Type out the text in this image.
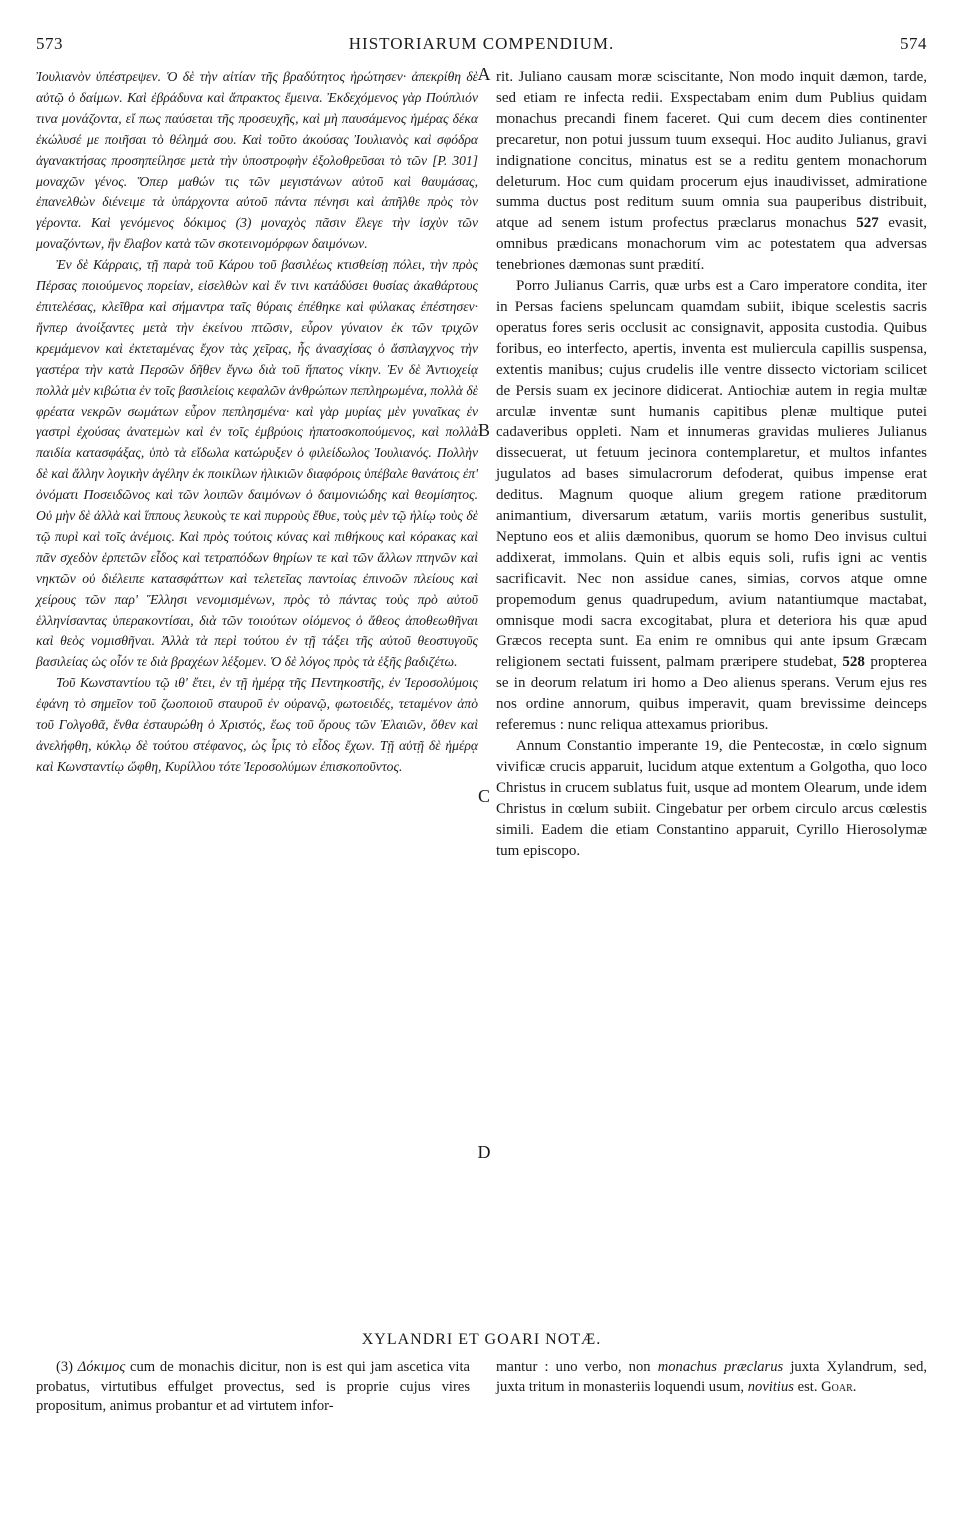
573	HISTORIARUM COMPENDIUM.	574

Ἰουλιανὸν ὑπέστρεψεν. Ὁ δὲ τὴν αἰτίαν τῆς βραδύτητος ἠρώτησεν· ἀπεκρίθη δὲ αὐτῷ ὁ δαίμων. Καὶ ἐβράδυνα καὶ ἄπρακτος ἔμεινα. Ἐκδεχόμενος γὰρ Πούπλιόν τινα μονάζοντα, εἴ πως παύσεται τῆς προσευχῆς, καὶ μὴ παυσάμενος ἡμέρας δέκα ἐκώλυσέ με ποιῆσαι τὸ θέλημά σου. Καὶ τοῦτο ἀκούσας Ἰουλιανὸς καὶ σφόδρα ἀγανακτήσας προσηπείλησε μετὰ τὴν ὑποστροφὴν ἐξολοθρεῦσαι τὸ τῶν [P. 301] μοναχῶν γένος. Ὅπερ μαθών τις τῶν μεγιστάνων αὐτοῦ καὶ θαυμάσας, ἐπανελθὼν διένειμε τὰ ὑπάρχοντα αὐτοῦ πάντα πένησι καὶ ἀπῆλθε πρὸς τὸν γέροντα. Καὶ γενόμενος δόκιμος (3) μοναχὸς πᾶσιν ἔλεγε τὴν ἰσχὺν τῶν μοναζόντων, ἣν ἔλαβον κατὰ τῶν σκοτεινομόρφων δαιμόνων.

Ἐν δὲ Κάρραις, τῇ παρὰ τοῦ Κάρου τοῦ βασιλέως κτισθείσῃ πόλει, τὴν πρὸς Πέρσας ποιούμενος πορείαν, εἰσελθὼν καὶ ἔν τινι κατάδύσει θυσίας ἀκαθάρτους ἐπιτελέσας, κλεῖθρα καὶ σήμαντρα ταῖς θύραις ἐπέθηκε καὶ φύλακας ἐπέστησεν· ἥνπερ ἀνοίξαντες μετὰ τὴν ἐκείνου πτῶσιν, εὗρον γύναιον ἐκ τῶν τριχῶν κρεμάμενον καὶ ἐκτεταμένας ἔχον τὰς χεῖρας, ἧς ἀνασχίσας ὁ ἄσπλαγχνος τὴν γαστέρα τὴν κατὰ Περσῶν δῆθεν ἔγνω διὰ τοῦ ἥπατος νίκην. Ἐν δὲ Ἀντιοχείᾳ πολλὰ μὲν κιβώτια ἐν τοῖς βασιλείοις κεφαλῶν ἀνθρώπων πεπληρωμένα, πολλὰ δὲ φρέατα νεκρῶν σωμάτων εὗρον πεπλησμένα· καὶ γὰρ μυρίας μὲν γυναῖκας ἐν γαστρὶ ἐχούσας ἀνατεμὼν καὶ ἐν τοῖς ἐμβρύοις ἡπατοσκοπούμενος, καὶ πολλὰ παιδία κατασφάξας, ὑπὸ τὰ εἴδωλα κατώρυξεν ὁ φιλείδωλος Ἰουλιανός. Πολλὴν δὲ καὶ ἄλλην λογικὴν ἀγέλην ἐκ ποικίλων ἡλικιῶν διαφόροις ὑπέβαλε θανάτοις ἐπ' ὀνόματι Ποσειδῶνος καὶ τῶν λοιπῶν δαιμόνων ὁ δαιμονιώδης καὶ θεομίσητος. Οὐ μὴν δὲ ἀλλὰ καὶ ἵππους λευκοὺς τε καὶ πυρροὺς ἔθυε, τοὺς μὲν τῷ ἡλίῳ τοὺς δὲ τῷ πυρὶ καὶ τοῖς ἀνέμοις. Καὶ πρὸς τούτοις κύνας καὶ πιθήκους καὶ κόρακας καὶ πᾶν σχεδὸν ἑρπετῶν εἶδος καὶ τετραπόδων θηρίων τε καὶ τῶν ἄλλων πτηνῶν καὶ νηκτῶν οὐ διέλειπε κατασφάττων καὶ τελετεῖας παντοίας ἐπινοῶν πλείους καὶ χείρους τῶν παρ' Ἕλλησι νενομισμένων, πρὸς τὸ πάντας τοὺς πρὸ αὐτοῦ ἑλληνίσαντας ὑπερακοντίσαι, διὰ τῶν τοιούτων οἰόμενος ὁ ἄθεος ἀποθεωθῆναι καὶ θεὸς νομισθῆναι. Ἀλλὰ τὰ περὶ τούτου ἐν τῇ τάξει τῆς αὐτοῦ θεοστυγοῦς βασιλείας ὡς οἷόν τε διὰ βραχέων λέξομεν. Ὁ δὲ λόγος πρὸς τὰ ἑξῆς βαδιζέτω.

Τοῦ Κωνσταντίου τῷ ιθ' ἔτει, ἐν τῇ ἡμέρᾳ τῆς Πεντηκοστῆς, ἐν Ἱεροσολύμοις ἐφάνη τὸ σημεῖον τοῦ ζωοποιοῦ σταυροῦ ἐν οὐρανῷ, φωτοειδές, τεταμένον ἀπὸ τοῦ Γολγοθᾶ, ἔνθα ἐσταυρώθη ὁ Χριστός, ἕως τοῦ ὄρους τῶν Ἐλαιῶν, ὅθεν καὶ ἀνελήφθη, κύκλῳ δὲ τούτου στέφανος, ὡς ἶρις τὸ εἶδος ἔχων. Τῇ αὐτῇ δὲ ἡμέρᾳ καὶ Κωνσταντίῳ ὤφθη, Κυρίλλου τότε Ἱεροσολύμων ἐπισκοποῦντος.

A
B
C
D

rit. Juliano causam moræ sciscitante, Non modo inquit dæmon, tarde, sed etiam re infecta redii. Exspectabam enim dum Publius quidam monachus precandi finem faceret. Qui cum decem dies continenter precaretur, non potui jussum tuum exsequi. Hoc audito Julianus, gravi indignatione concitus, minatus est se a reditu gentem monachorum deleturum. Hoc cum quidam procerum ejus inaudivisset, admiratione summa ductus post reditum suum omnia sua pauperibus distribuit, atque ad senem istum profectus præclarus monachus 527 evasit, omnibus prædicans monachorum vim ac potestatem qua adversas tenebriones dæmonas sunt prædití.

Porro Julianus Carris, quæ urbs est a Caro imperatore condita, iter in Persas faciens speluncam quamdam subiit, ibique scelestis sacris operatus fores seris occlusit ac consignavit, apposita custodia. Quibus foribus, eo interfecto, apertis, inventa est muliercula capillis suspensa, extentis manibus; cujus crudelis ille ventre dissecto victoriam scilicet de Persis suam ex jecinore didicerat. Antiochiæ autem in regia multæ arculæ inventæ sunt humanis capitibus plenæ multique putei cadaveribus oppleti. Nam et innumeras gravidas mulieres Julianus dissecuerat, ut fetuum jecinora contemplaretur, et multos infantes jugulatos ad bases simulacrorum defoderat, quibus impense erat deditus. Magnum quoque alium gregem ratione præditorum animantium, diversarum ætatum, variis mortis generibus sustulit, Neptuno eos et aliis dæmonibus, quorum se homo Deo invisus cultui addixerat, immolans. Quin et albis equis soli, rufis igni ac ventis sacrificavit. Nec non assidue canes, simias, corvos atque omne propemodum genus quadrupedum, avium natantiumque mactabat, omnisque modi sacra excogitabat, plura et deteriora his quæ apud Græcos recepta sunt. Ea enim re omnibus qui ante ipsum Græcam religionem sectati fuissent, palmam præripere studebat, 528 propterea se in deorum relatum iri homo a Deo alienus sperans. Verum ejus res nos ordine annorum, quibus imperavit, quam brevissime deinceps referemus : nunc reliqua attexamus prioribus.

Annum Constantio imperante 19, die Pentecostæ, in cœlo signum vivificæ crucis apparuit, lucidum atque extentum a Golgotha, quo loco Christus in crucem sublatus fuit, usque ad montem Olearum, unde idem Christus in cœlum subiit. Cingebatur per orbem circulo arcus cœlestis simili. Eadem die etiam Constantino apparuit, Cyrillo Hierosolymæ tum episcopo.

XYLANDRI ET GOARI NOTÆ.

(3) Δόκιμος cum de monachis dicitur, non is est qui jam ascetica vita probatus, virtutibus effulget provectus, sed is proprie cujus vires propositum, animus probantur et ad virtutem infor-

mantur : uno verbo, non monachus præclarus juxta Xylandrum, sed, juxta tritum in monasteriis loquendi usum, novitius est. Goar.
